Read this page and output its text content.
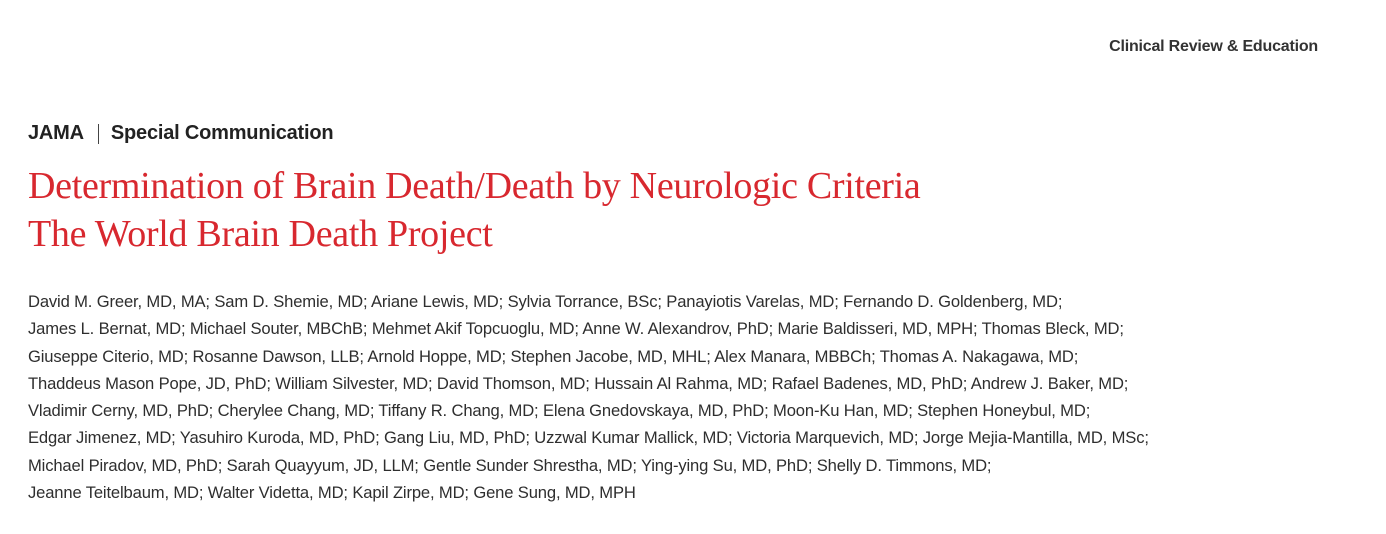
Clinical Review & Education
JAMA Special Communication
Determination of Brain Death/Death by Neurologic Criteria
The World Brain Death Project
David M. Greer, MD, MA; Sam D. Shemie, MD; Ariane Lewis, MD; Sylvia Torrance, BSc; Panayiotis Varelas, MD; Fernando D. Goldenberg, MD;
James L. Bernat, MD; Michael Souter, MBChB; Mehmet Akif Topcuoglu, MD; Anne W. Alexandrov, PhD; Marie Baldisseri, MD, MPH; Thomas Bleck, MD;
Giuseppe Citerio, MD; Rosanne Dawson, LLB; Arnold Hoppe, MD; Stephen Jacobe, MD, MHL; Alex Manara, MBBCh; Thomas A. Nakagawa, MD;
Thaddeus Mason Pope, JD, PhD; William Silvester, MD; David Thomson, MD; Hussain Al Rahma, MD; Rafael Badenes, MD, PhD; Andrew J. Baker, MD;
Vladimir Cerny, MD, PhD; Cherylee Chang, MD; Tiffany R. Chang, MD; Elena Gnedovskaya, MD, PhD; Moon-Ku Han, MD; Stephen Honeybul, MD;
Edgar Jimenez, MD; Yasuhiro Kuroda, MD, PhD; Gang Liu, MD, PhD; Uzzwal Kumar Mallick, MD; Victoria Marquevich, MD; Jorge Mejia-Mantilla, MD, MSc;
Michael Piradov, MD, PhD; Sarah Quayyum, JD, LLM; Gentle Sunder Shrestha, MD; Ying-ying Su, MD, PhD; Shelly D. Timmons, MD;
Jeanne Teitelbaum, MD; Walter Videtta, MD; Kapil Zirpe, MD; Gene Sung, MD, MPH
